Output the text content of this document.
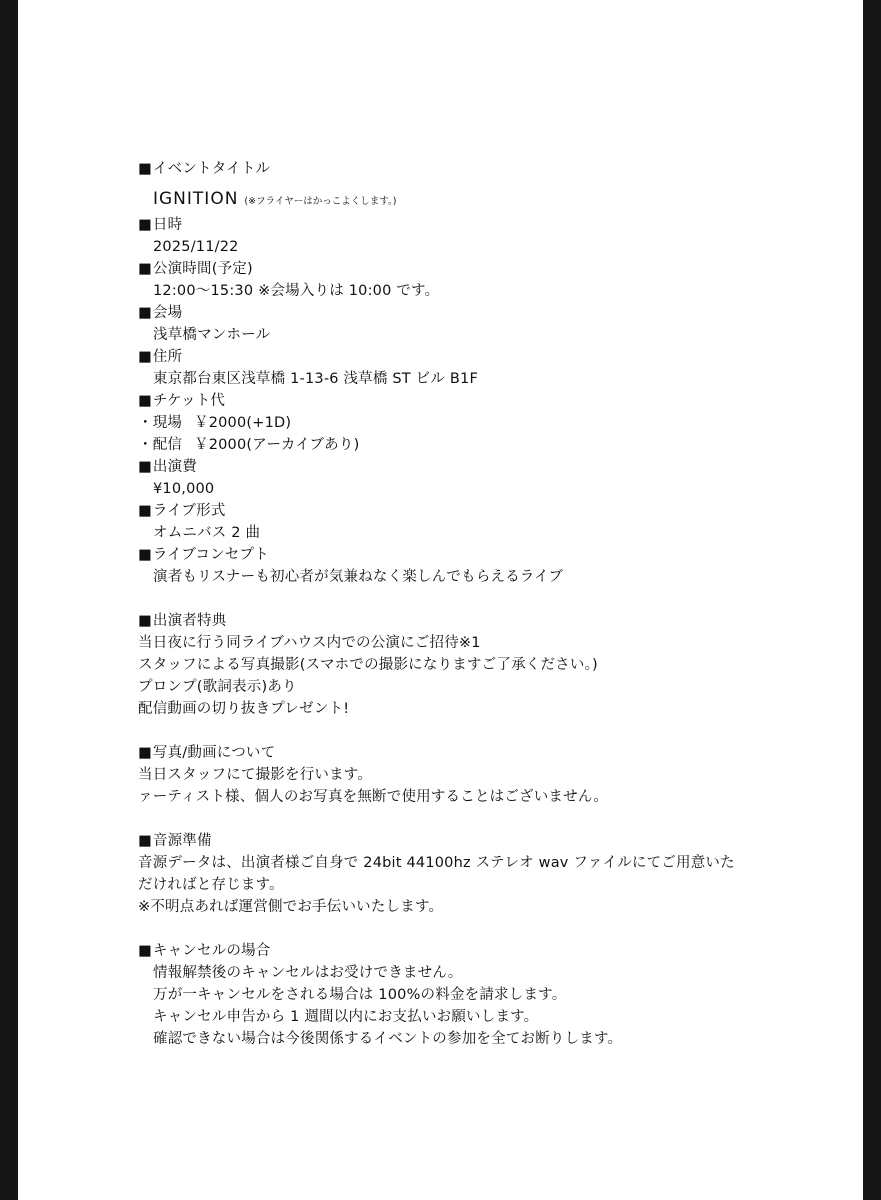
■ イベントタイトル
IGNITION (※フライヤーはかっこよくします。)
■ 日時
2025/11/22
■ 公演時間(予定)
12:00〜15:30 ※会場入りは 10:00 です。
■ 会場
浅草橋マンホール
■ 住所
東京都台東区浅草橋 1-13-6 浅草橋 ST ビル B1F
■ チケット代
・ 現場 ￥2000(+1D)
・ 配信 ￥2000(アーカイブあり)
■ 出演費
¥10,000
■ ライブ形式
オムニバス 2 曲
■ ライブコンセプト
演者もリスナーも初心者が気兼ねなく楽しんでもらえるライブ
■ 出演者特典
当日夜に行う同ライブハウス内での公演にご招待※1
スタッフによる写真撮影(スマホでの撮影になりますご了承ください。)
プロンプ(歌詞表示)あり
配信動画の切り抜きプレゼント!
■ 写真/動画について
当日スタッフにて撮影を行います。
ァーティスト様、個人のお写真を無断で使用することはございません。
■ 音源準備
音源データは、出演者様ご自身で 24bit 44100hz ステレオ wav ファイルにてご用意いた
だければと存じます。
※不明点あれば運営側でお手伝いいたします。
■ キャンセルの場合
情報解禁後のキャンセルはお受けできません。
万が一キャンセルをされる場合は 100%の料金を請求します。
キャンセル申告から 1 週間以内にお支払いお願いします。
確認できない場合は今後関係するイベントの参加を全てお断りします。
